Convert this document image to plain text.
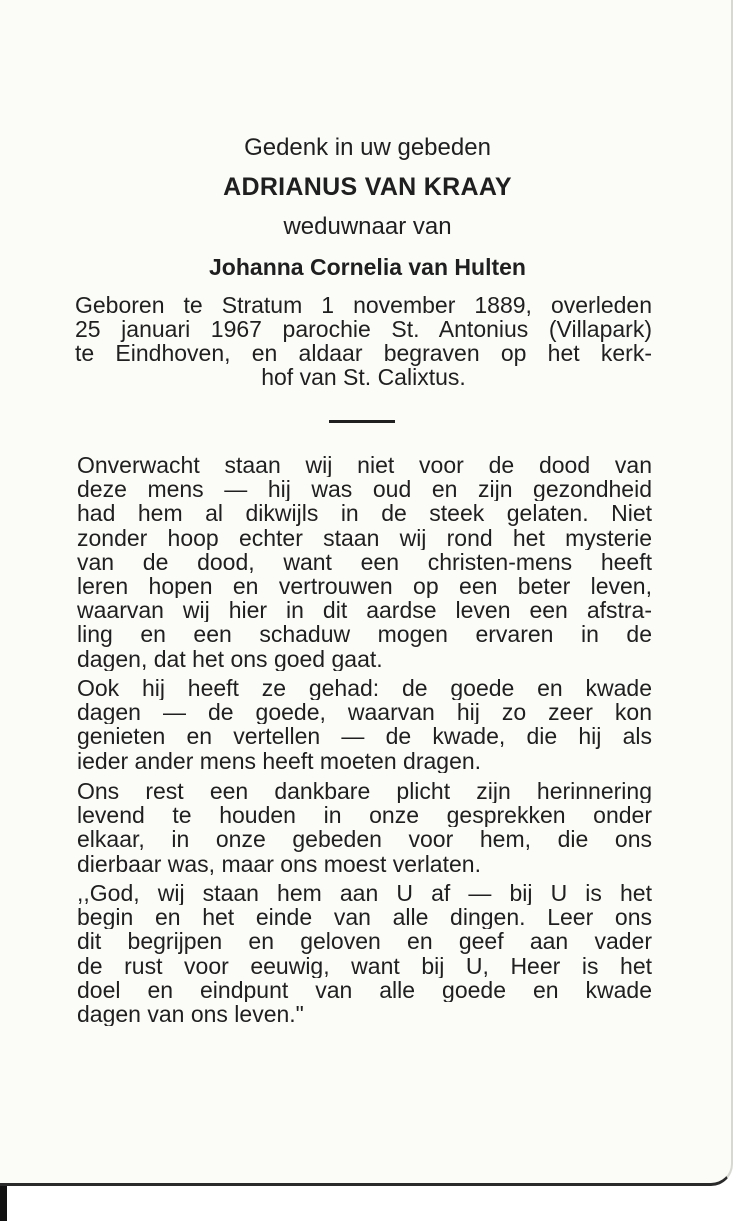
Gedenk in uw gebeden
ADRIANUS VAN KRAAY
weduwnaar van
Johanna Cornelia van Hulten
Geboren te Stratum 1 november 1889, overleden
25 januari 1967 parochie St. Antonius (Villapark)
te Eindhoven, en aldaar begraven op het kerk-
hof van St. Calixtus.
Onverwacht staan wij niet voor de dood van
deze mens — hij was oud en zijn gezondheid
had hem al dikwijls in de steek gelaten. Niet
zonder hoop echter staan wij rond het mysterie
van de dood, want een christen-mens heeft
leren hopen en vertrouwen op een beter leven,
waarvan wij hier in dit aardse leven een afstra-
ling en een schaduw mogen ervaren in de
dagen, dat het ons goed gaat.
Ook hij heeft ze gehad: de goede en kwade
dagen — de goede, waarvan hij zo zeer kon
genieten en vertellen — de kwade, die hij als
ieder ander mens heeft moeten dragen.
Ons rest een dankbare plicht zijn herinnering
levend te houden in onze gesprekken onder
elkaar, in onze gebeden voor hem, die ons
dierbaar was, maar ons moest verlaten.
,,God, wij staan hem aan U af — bij U is het
begin en het einde van alle dingen. Leer ons
dit begrijpen en geloven en geef aan vader
de rust voor eeuwig, want bij U, Heer is het
doel en eindpunt van alle goede en kwade
dagen van ons leven."
